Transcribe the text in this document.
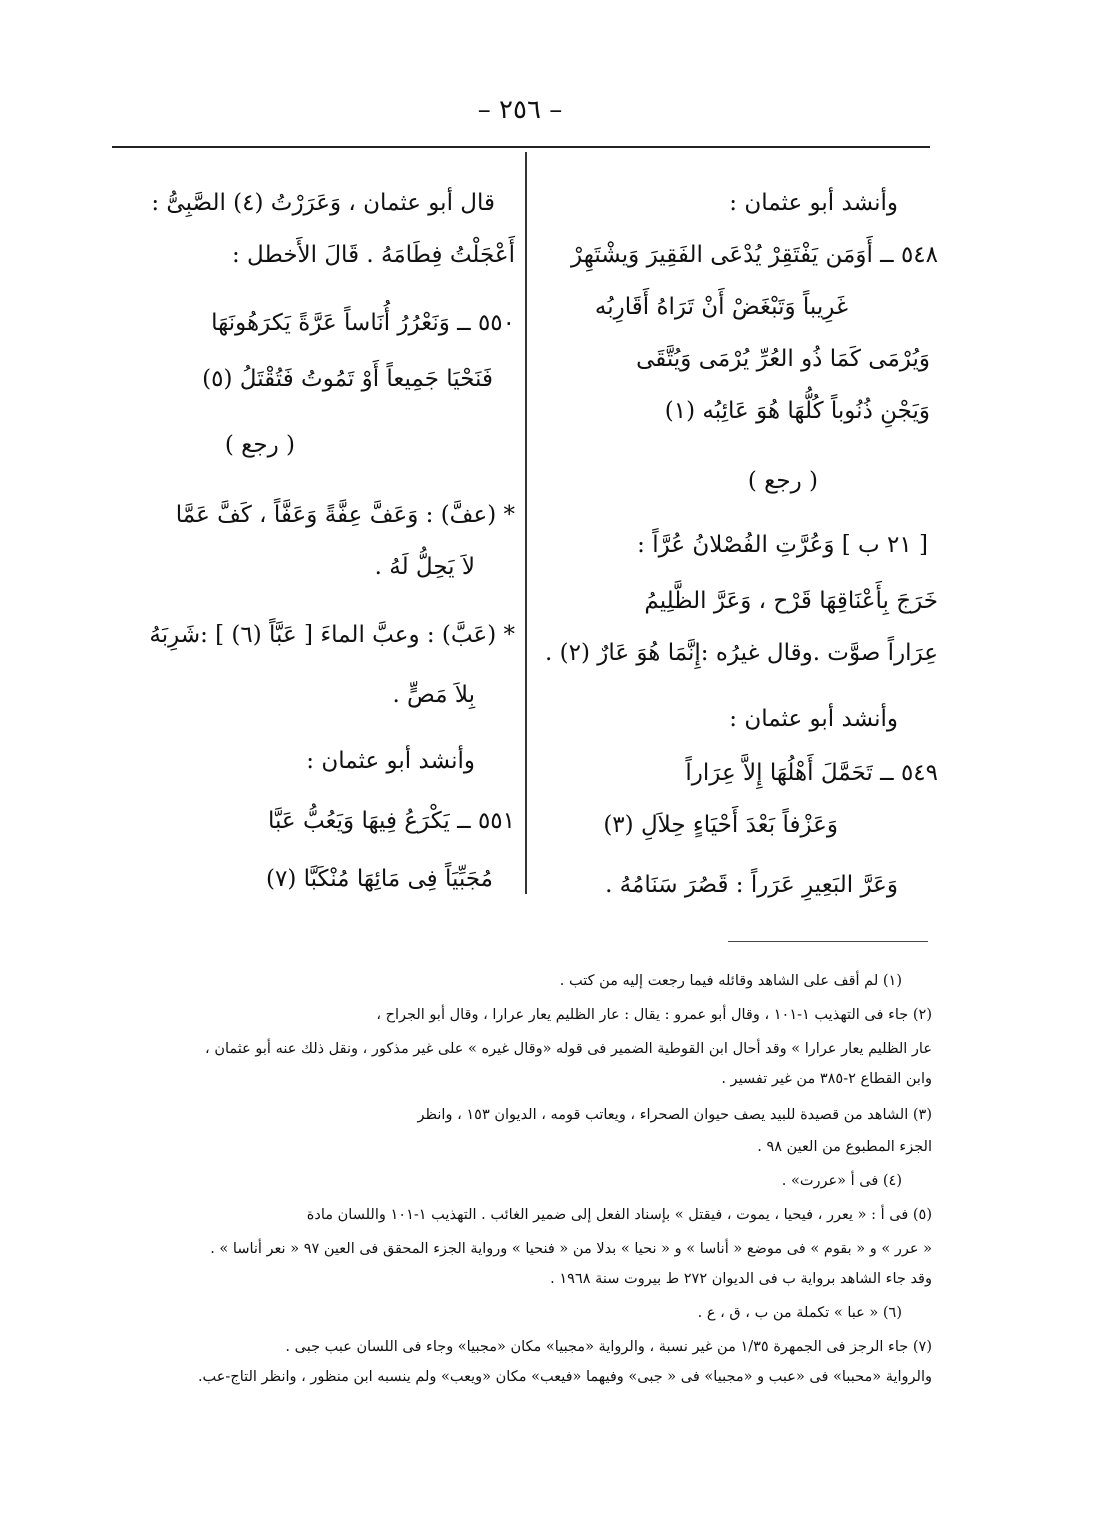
– ٢٥٦ –
وأنشد أبو عثمان :
٥٤٨ ــ أَوَمَن يَفْتَقِرْ يُدْعَى الفَقِيرَ وَيشْتَهِرْ
غَرِيباً وَتَبْغَضْ أَنْ تَرَاهُ أَقَارِبُه
وَيُرْمَى كَمَا ذُو العُرِّ يُرْمَى وَيُتَّقَى
وَيَجْنِ ذُنُوباً كُلُّهَا هُوَ عَائِبُه (١)
( رجع )
[ ٢١ ب ] وَعُرَّتِ الفُصْلانُ عُرَّاً :
خَرَجَ بِأَعْنَاقِهَا قَرْح ، وَعَرَّ الظَّلِيمُ
عِرَاراً صوَّت .وقال غيرُه :إِنَّمَا هُوَ عَارٌ (٢) .
وأنشد أبو عثمان :
٥٤٩ ــ تَحَمَّلَ أَهْلُهَا إِلاَّ عِرَاراً
وَعَزْفاً بَعْدَ أَحْيَاءٍ حِلاَلِ (٣)
وَعَرَّ البَعِيرِ عَرَراً : قَصُرَ سَنَامُهُ .
قال أبو عثمان ، وَعَرَرْتُ (٤) الصَّبِىُّ :
أَعْجَلْتُ فِطَامَهُ . قَالَ الأَخطل :
٥٥٠ ــ وَنَعْرُرُ أُنَاساً عَرَّةً يَكرَهُونَهَا
فَنَحْيَا جَمِيعاً أَوْ تَمُوتُ فَتُقْتَلُ (٥)
( رجع )
* (عفَّ) : وَعَفَّ عِفَّةً وَعَفَّاً ، كَفَّ عَمَّا
لاَ يَحِلُّ لَهُ .
* (عَبَّ) : وعبَّ الماءَ [ عَبَّاً (٦) ] :شَرِبَهُ
بِلاَ مَصٍّ .
وأنشد أبو عثمان :
٥٥١ ــ يَكْرَعُ فِيهَا وَيَعُبُّ عَبَّا
مُجَبِّيَاً فِى مَائِهَا مُنْكَبَّا (٧)
(١) لم أقف على الشاهد وقائله فيما رجعت إليه من كتب .
(٢) جاء فى التهذيب ١-١٠١ ، وقال أبو عمرو : يقال : عار الظليم يعار عرارا ، وقال أبو الجراح ،
عار الظليم يعار عرارا » وقد أحال ابن القوطية الضمير فى قوله «وقال غيره » على غير مذكور ، ونقل ذلك عنه أبو عثمان ،
وابن القطاع ٢-٣٨٥ من غير تفسير .
(٣) الشاهد من قصيدة للبيد يصف حيوان الصحراء ، ويعاتب قومه ، الديوان ١٥٣ ، وانظر
الجزء المطبوع من العين ٩٨ .
(٤) فى أ «عررت» .
(٥) فى أ : « يعرر ، فيحيا ، يموت ، فيقتل » بإسناد الفعل إلى ضمير الغائب . التهذيب ١-١٠١ واللسان مادة
« عرر » و « بقوم » فى موضع « أناسا » و « نحيا » بدلا من « فنحيا » ورواية الجزء المحقق فى العين ٩٧ « نعر أناسا » .
وقد جاء الشاهد برواية ب فى الديوان ٢٧٢ ط بيروت سنة ١٩٦٨ .
(٦) « عبا » تكملة من ب ، ق ، ع .
(٧) جاء الرجز فى الجمهرة ١/٣٥ من غير نسبة ، والرواية «مجبيا» مكان «مجبيا» وجاء فى اللسان عبب جبى .
والرواية «محببا» فى «عبب و «مجبيا» فى « جبى» وفيهما «فيعب» مكان «ويعب» ولم ينسبه ابن منظور ، وانظر التاج-عب.
